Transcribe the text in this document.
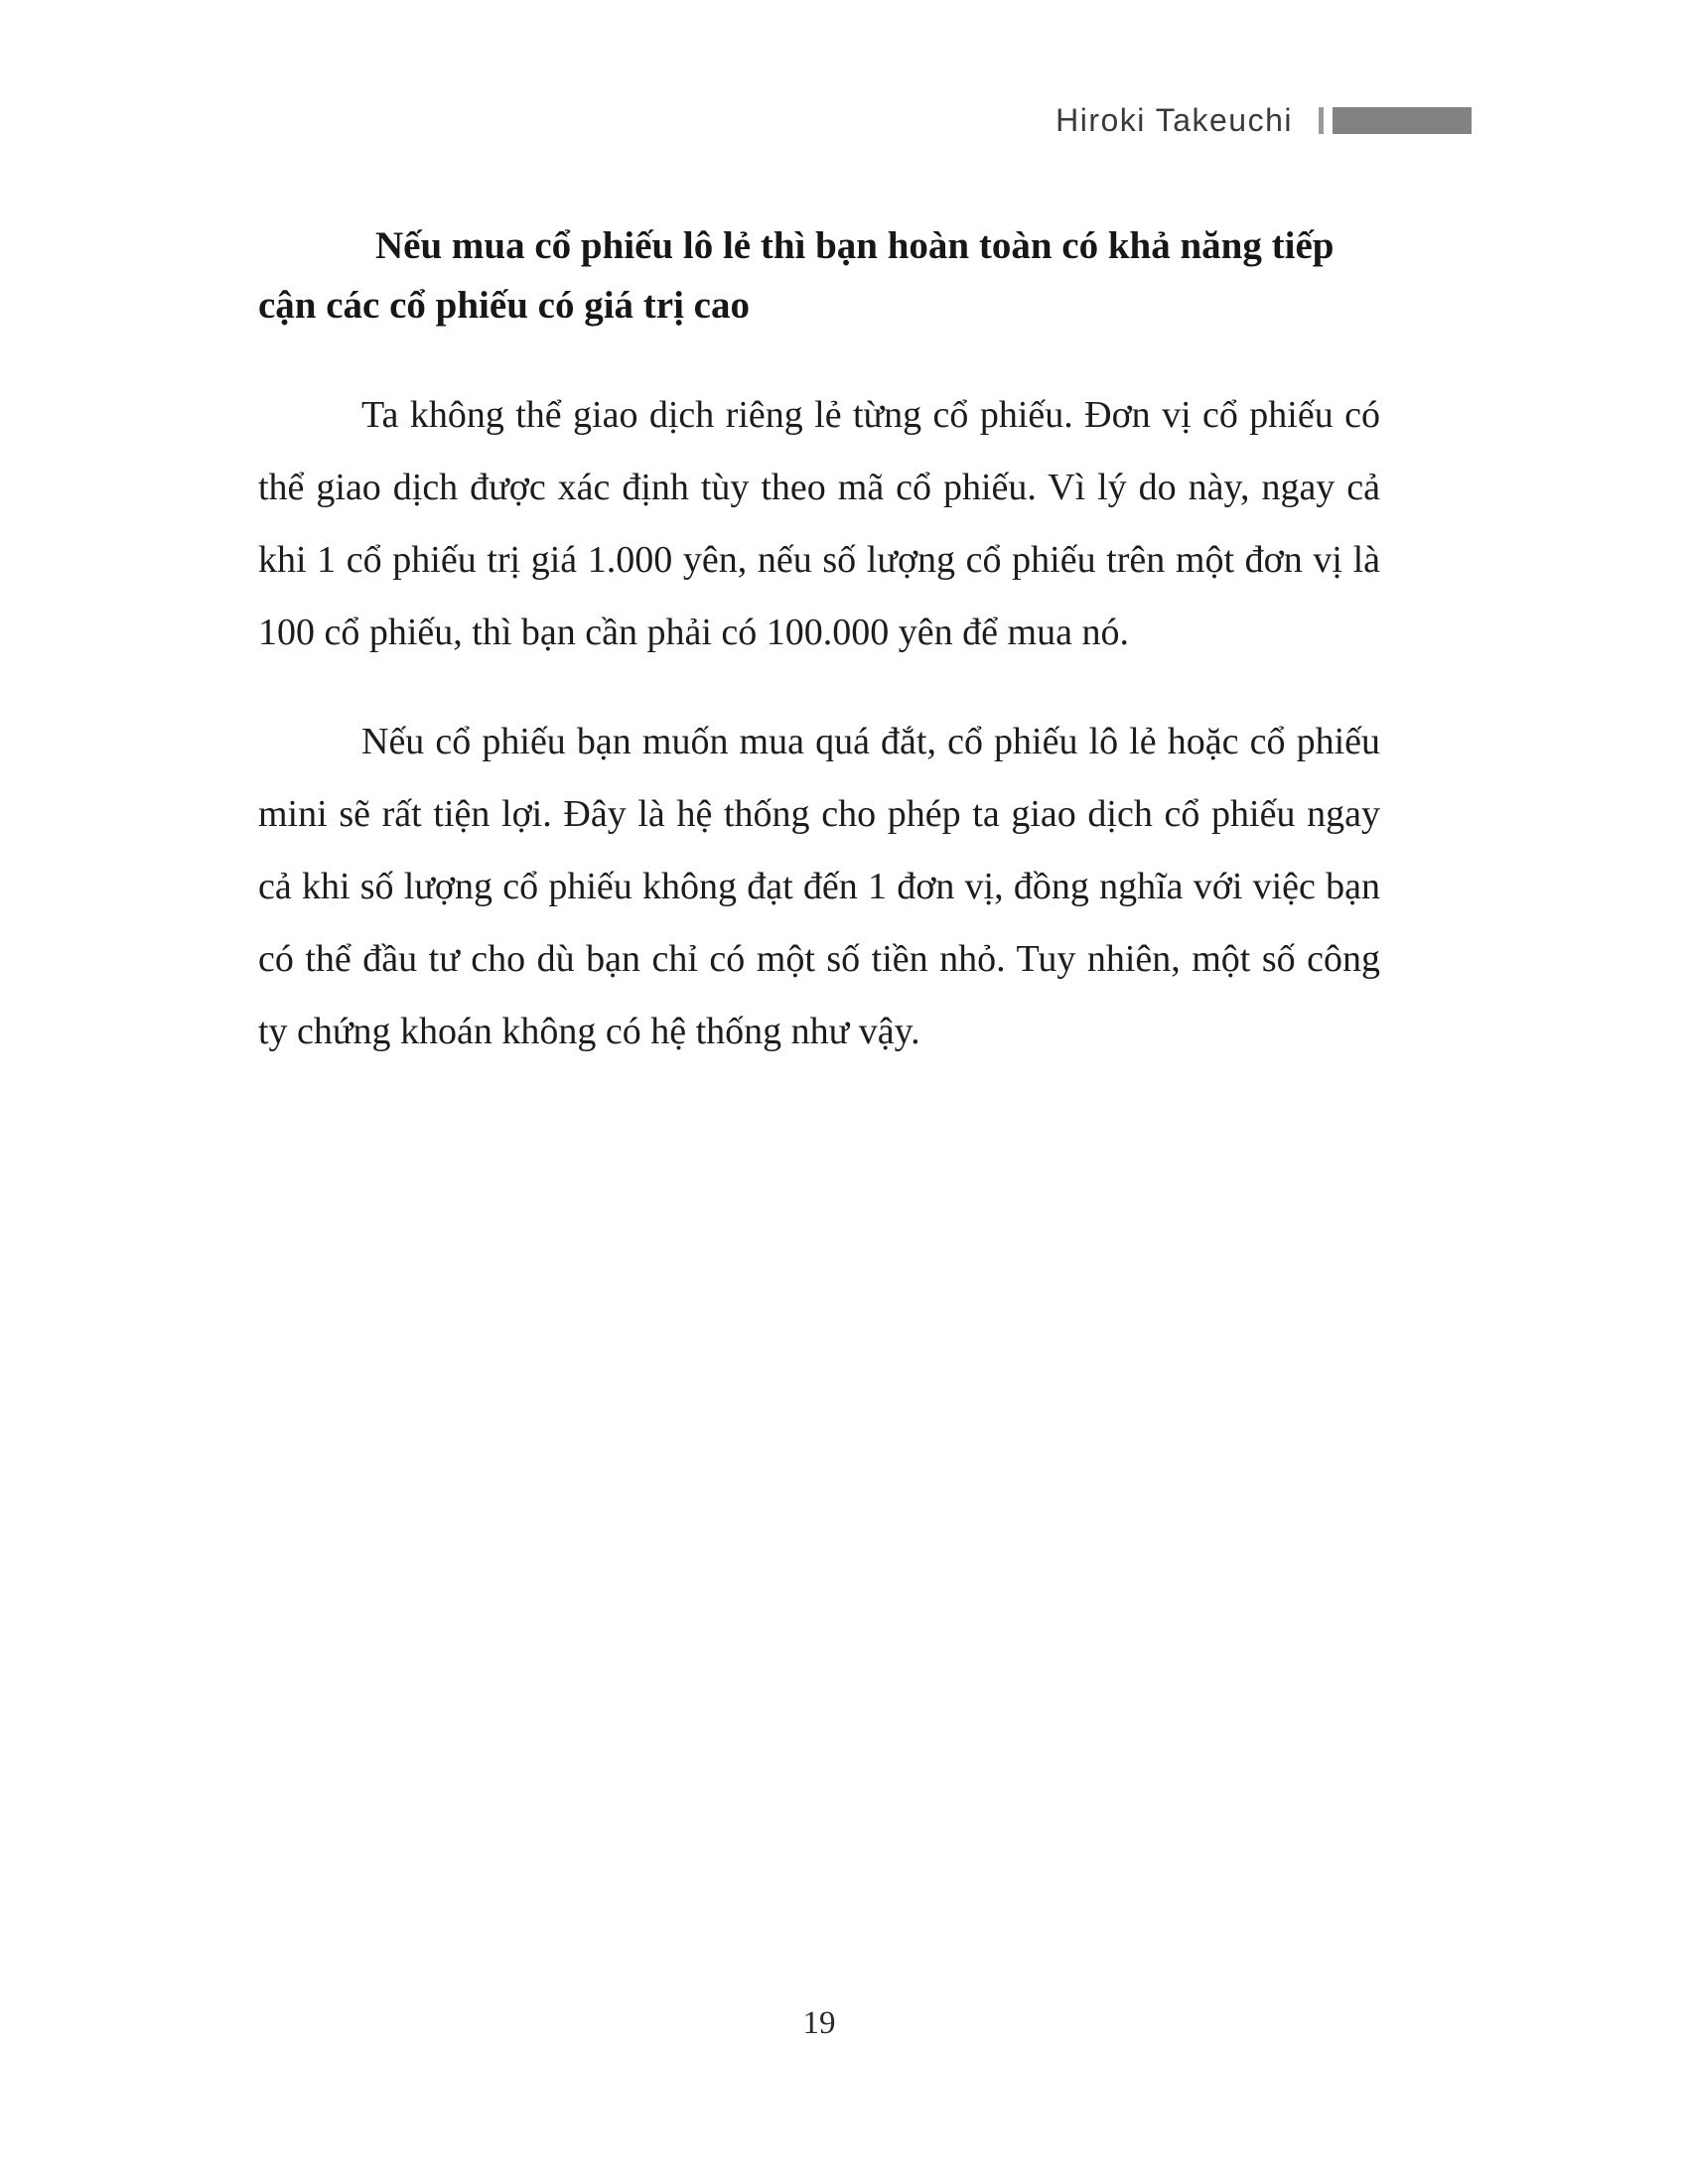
Hiroki Takeuchi
Nếu mua cổ phiếu lô lẻ thì bạn hoàn toàn có khả năng tiếp cận các cổ phiếu có giá trị cao

Ta không thể giao dịch riêng lẻ từng cổ phiếu. Đơn vị cổ phiếu có thể giao dịch được xác định tùy theo mã cổ phiếu. Vì lý do này, ngay cả khi 1 cổ phiếu trị giá 1.000 yên, nếu số lượng cổ phiếu trên một đơn vị là 100 cổ phiếu, thì bạn cần phải có 100.000 yên để mua nó.

Nếu cổ phiếu bạn muốn mua quá đắt, cổ phiếu lô lẻ hoặc cổ phiếu mini sẽ rất tiện lợi. Đây là hệ thống cho phép ta giao dịch cổ phiếu ngay cả khi số lượng cổ phiếu không đạt đến 1 đơn vị, đồng nghĩa với việc bạn có thể đầu tư cho dù bạn chỉ có một số tiền nhỏ. Tuy nhiên, một số công ty chứng khoán không có hệ thống như vậy.

19
